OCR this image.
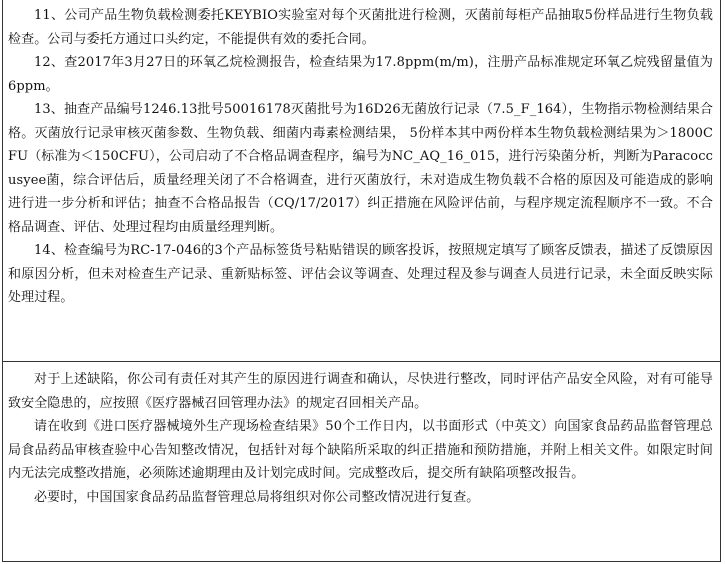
11、公司产品生物负载检测委托KEYBIO实验室对每个灭菌批进行检测，灭菌前每柜产品抽取5份样品进行生物负载检查。公司与委托方通过口头约定，不能提供有效的委托合同。

12、查2017年3月27日的环氧乙烷检测报告，检查结果为17.8ppm(m/m)，注册产品标准规定环氧乙烷残留量值为6ppm。

13、抽查产品编号1246.13批号50016178灭菌批号为16D26无菌放行记录（7.5_F_164），生物指示物检测结果合格。灭菌放行记录审核灭菌参数、生物负载、细菌内毒素检测结果， 5份样本其中两份样本生物负载检测结果为＞1800CFU（标准为＜150CFU），公司启动了不合格品调查程序，编号为NC_AQ_16_015，进行污染菌分析，判断为Paracoccusyee菌，综合评估后，质量经理关闭了不合格调查，进行灭菌放行，未对造成生物负载不合格的原因及可能造成的影响进行进一步分析和评估；抽查不合格品报告（CQ/17/2017）纠正措施在风险评估前，与程序规定流程顺序不一致。不合格品调查、评估、处理过程均由质量经理判断。

14、检查编号为RC-17-046的3个产品标签货号粘贴错误的顾客投诉，按照规定填写了顾客反馈表，描述了反馈原因和原因分析，但未对检查生产记录、重新贴标签、评估会议等调查、处理过程及参与调查人员进行记录，未全面反映实际处理过程。

对于上述缺陷，你公司有责任对其产生的原因进行调查和确认，尽快进行整改，同时评估产品安全风险，对有可能导致安全隐患的，应按照《医疗器械召回管理办法》的规定召回相关产品。

请在收到《进口医疗器械境外生产现场检查结果》50个工作日内，以书面形式（中英文）向国家食品药品监督管理总局食品药品审核查验中心告知整改情况，包括针对每个缺陷所采取的纠正措施和预防措施，并附上相关文件。如限定时间内无法完成整改措施，必须陈述逾期理由及计划完成时间。完成整改后，提交所有缺陷项整改报告。

必要时，中国国家食品药品监督管理总局将组织对你公司整改情况进行复查。
